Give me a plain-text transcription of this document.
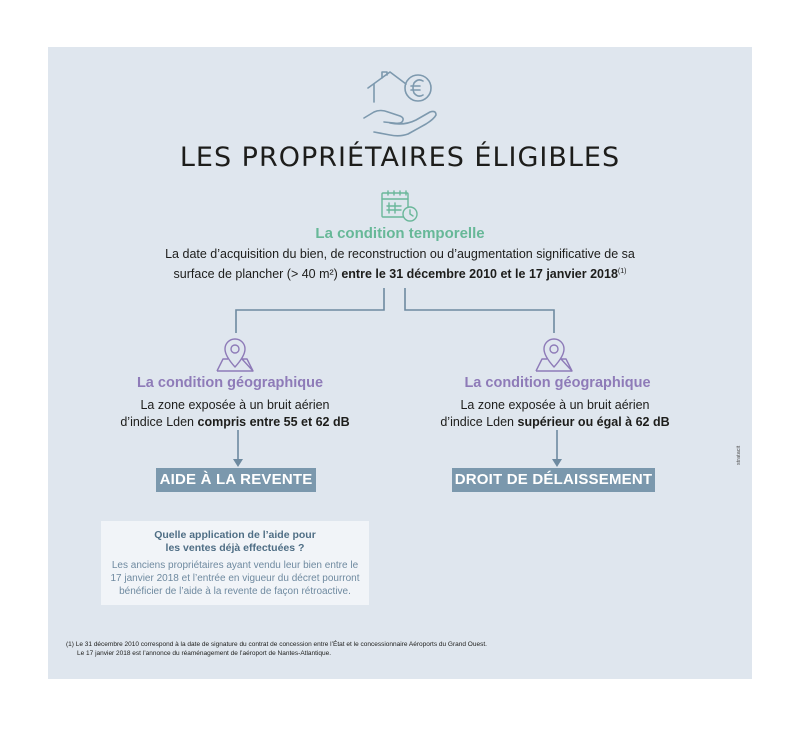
LES PROPRIÉTAIRES ÉLIGIBLES
La condition temporelle
La date d’acquisition du bien, de reconstruction ou d’augmentation significative de sa
surface de plancher (> 40 m²) entre le 31 décembre 2010 et le 17 janvier 2018$^{(1)}$
La condition géographique
La zone exposée à un bruit aérien
d’indice Lden compris entre 55 et 62 dB
La condition géographique
La zone exposée à un bruit aérien
d’indice Lden supérieur ou égal à 62 dB
AIDE À LA REVENTE	DROIT DE DÉLAISSEMENT
Quelle application de l’aide pour
les ventes déjà effectuées ?
Les anciens propriétaires ayant vendu leur bien entre le
17 janvier 2018 et l’entrée en vigueur du décret pourront
bénéficier de l’aide à la revente de façon rétroactive.
(1) Le 31 décembre 2010 correspond à la date de signature du contrat de concession entre l’État et le concessionnaire Aéroports du Grand Ouest.
Le 17 janvier 2018 est l’annonce du réaménagement de l’aéroport de Nantes-Atlantique.
stratacit
